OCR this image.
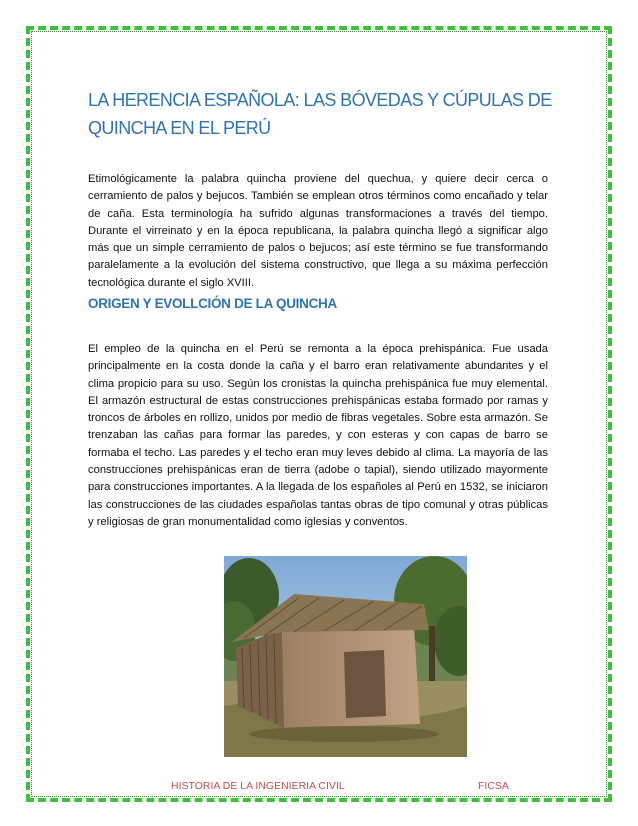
LA HERENCIA ESPAÑOLA: LAS BÓVEDAS Y CÚPULAS DE QUINCHA EN EL PERÚ

Etimológicamente la palabra quincha proviene del quechua, y quiere decir cerca o cerramiento de palos y bejucos. También se emplean otros términos como encañado y telar de caña. Esta terminología ha sufrido algunas transformaciones a través del tiempo. Durante el virreinato y en la época republicana, la palabra quincha llegó a significar algo más que un simple cerramiento de palos o bejucos; así este término se fue transformando paralelamente a la evolución del sistema constructivo, que llega a su máxima perfección tecnológica durante el siglo XVIII.

ORIGEN Y EVOLLCIÓN DE LA QUINCHA

El empleo de la quincha en el Perú se remonta a la época prehispánica. Fue usada principalmente en la costa donde la caña y el barro eran relativamente abundantes y el clima propicio para su uso. Según los cronistas la quincha prehispánica fue muy elemental. El armazón estructural de estas construcciones prehispánicas estaba formado por ramas y troncos de árboles en rollizo, unidos por medio de fibras vegetales. Sobre esta armazón. Se trenzaban las cañas para formar las paredes, y con esteras y con capas de barro se formaba el techo. Las paredes y el techo eran muy leves debido al clima. La mayoría de las construcciones prehispánicas eran de tierra (adobe o tapial), siendo utilizado mayormente para construcciones importantes. A la llegada de los españoles al Perú en 1532, se iniciaron las construcciones de las ciudades españolas tantas obras de tipo comunal y otras públicas y religiosas de gran monumentalidad como iglesias y conventos.

HISTORIA DE LA INGENIERIA CIVIL	FICSA
